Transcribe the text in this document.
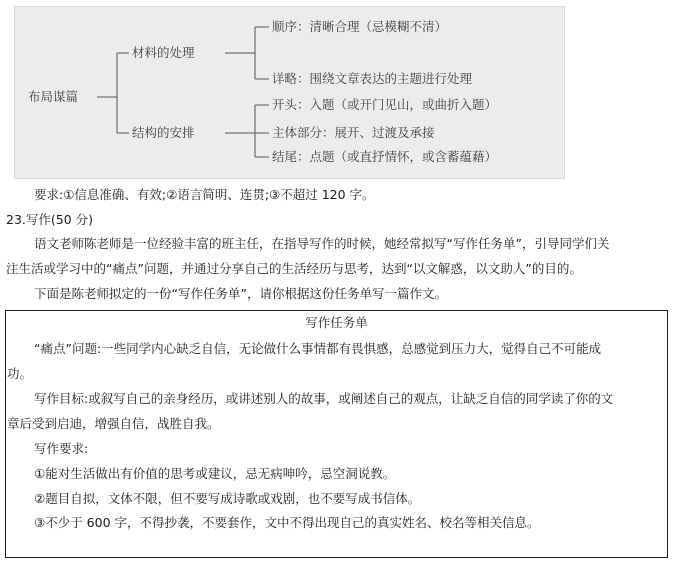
布局谋篇
材料的处理
结构的安排
顺序：清晰合理（忌模糊不清）
详略：围绕文章表达的主题进行处理
开头：入题（或开门见山，或曲折入题）
主体部分：展开、过渡及承接
结尾：点题（或直抒情怀，或含蓄蕴藉）
要求:①信息准确、有效;②语言简明、连贯;③不超过 120 字。
23.写作(50 分)
语文老师陈老师是一位经验丰富的班主任，在指导写作的时候，她经常拟写“写作任务单”，引导同学们关
注生活或学习中的“痛点”问题，并通过分享自己的生活经历与思考，达到“以文解惑，以文助人”的目的。
下面是陈老师拟定的一份“写作任务单”，请你根据这份任务单写一篇作文。
写作任务单
“痛点”问题:一些同学内心缺乏自信，无论做什么事情都有畏惧感，总感觉到压力大，觉得自己不可能成
功。
写作目标:或叙写自己的亲身经历，或讲述别人的故事，或阐述自己的观点，让缺乏自信的同学读了你的文
章后受到启迪，增强自信，战胜自我。
写作要求:
①能对生活做出有价值的思考或建议，忌无病呻吟，忌空洞说教。
②题目自拟，文体不限，但不要写成诗歌或戏剧，也不要写成书信体。
③不少于 600 字，不得抄袭，不要套作，文中不得出现自己的真实姓名、校名等相关信息。
